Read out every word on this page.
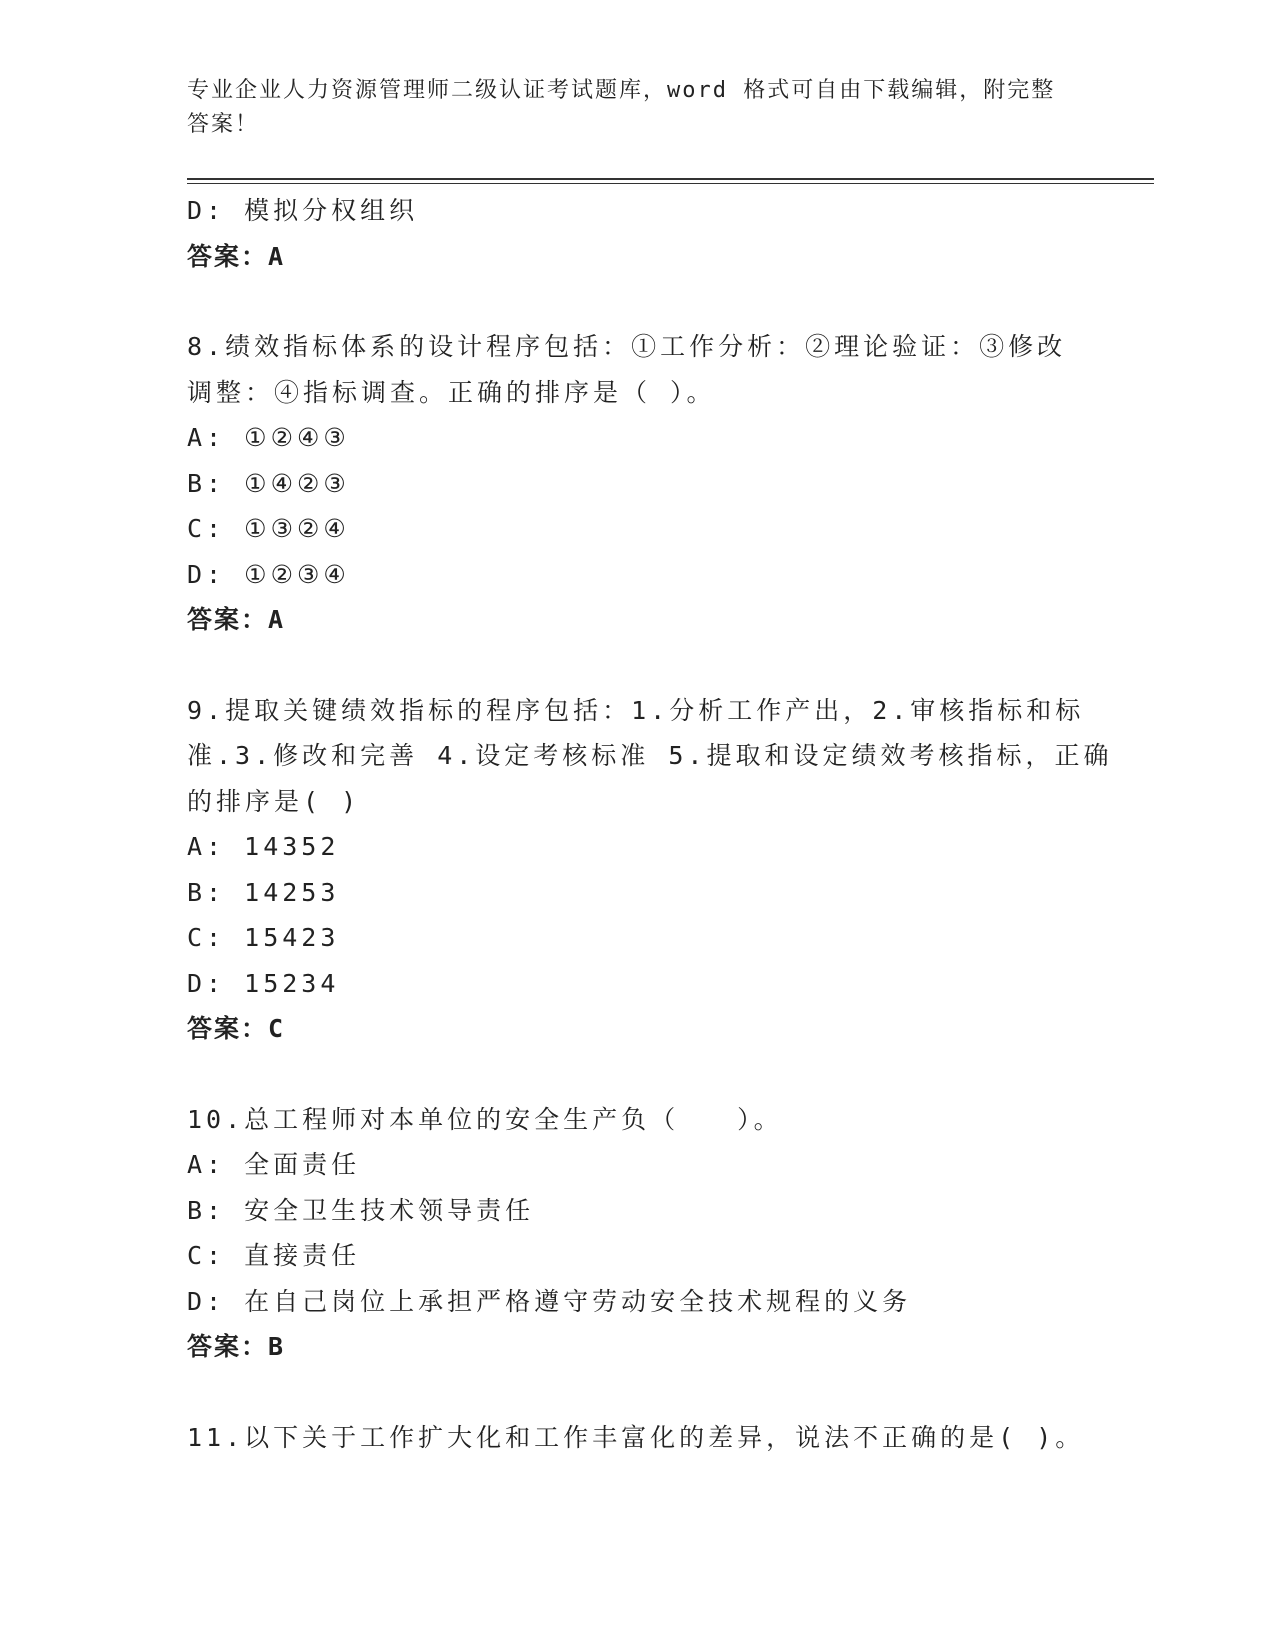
专业企业人力资源管理师二级认证考试题库，word 格式可自由下载编辑，附完整
答案！
D: 模拟分权组织
答案：A
8.绩效指标体系的设计程序包括：①工作分析：②理论验证：③修改
调整：④指标调查。正确的排序是（ ）。
A: ①②④③
B: ①④②③
C: ①③②④
D: ①②③④
答案：A
9.提取关键绩效指标的程序包括：1.分析工作产出，2.审核指标和标
准.3.修改和完善 4.设定考核标准 5.提取和设定绩效考核指标，正确
的排序是( )
A: 14352
B: 14253
C: 15423
D: 15234
答案：C
10.总工程师对本单位的安全生产负（　　）。
A: 全面责任
B: 安全卫生技术领导责任
C: 直接责任
D: 在自己岗位上承担严格遵守劳动安全技术规程的义务
答案：B
11.以下关于工作扩大化和工作丰富化的差异，说法不正确的是( )。
